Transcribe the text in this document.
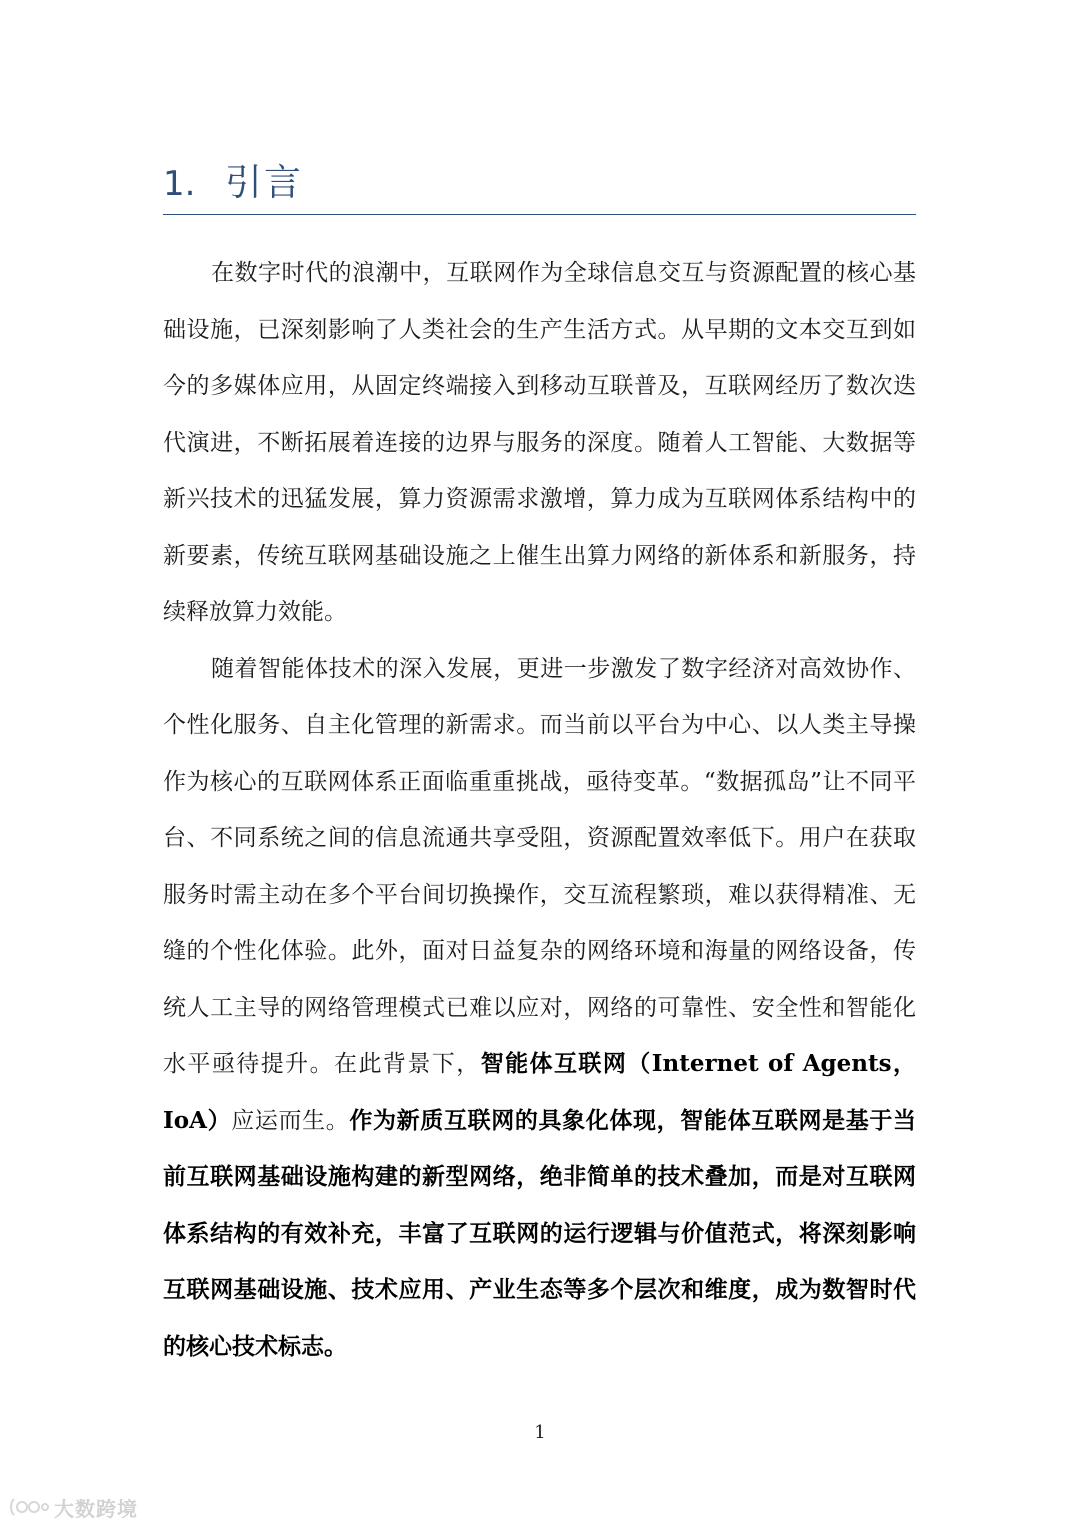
1. 引言

在数字时代的浪潮中，互联网作为全球信息交互与资源配置的核心基础设施，已深刻影响了人类社会的生产生活方式。从早期的文本交互到如今的多媒体应用，从固定终端接入到移动互联普及，互联网经历了数次迭代演进，不断拓展着连接的边界与服务的深度。随着人工智能、大数据等新兴技术的迅猛发展，算力资源需求激增，算力成为互联网体系结构中的新要素，传统互联网基础设施之上催生出算力网络的新体系和新服务，持续释放算力效能。

随着智能体技术的深入发展，更进一步激发了数字经济对高效协作、个性化服务、自主化管理的新需求。而当前以平台为中心、以人类主导操作为核心的互联网体系正面临重重挑战，亟待变革。“数据孤岛”让不同平台、不同系统之间的信息流通共享受阻，资源配置效率低下。用户在获取服务时需主动在多个平台间切换操作，交互流程繁琐，难以获得精准、无缝的个性化体验。此外，面对日益复杂的网络环境和海量的网络设备，传统人工主导的网络管理模式已难以应对，网络的可靠性、安全性和智能化水平亟待提升。在此背景下，智能体互联网（Internet of Agents，IoA）应运而生。作为新质互联网的具象化体现，智能体互联网是基于当前互联网基础设施构建的新型网络，绝非简单的技术叠加，而是对互联网体系结构的有效补充，丰富了互联网的运行逻辑与价值范式，将深刻影响互联网基础设施、技术应用、产业生态等多个层次和维度，成为数智时代的核心技术标志。

1
大数跨境
